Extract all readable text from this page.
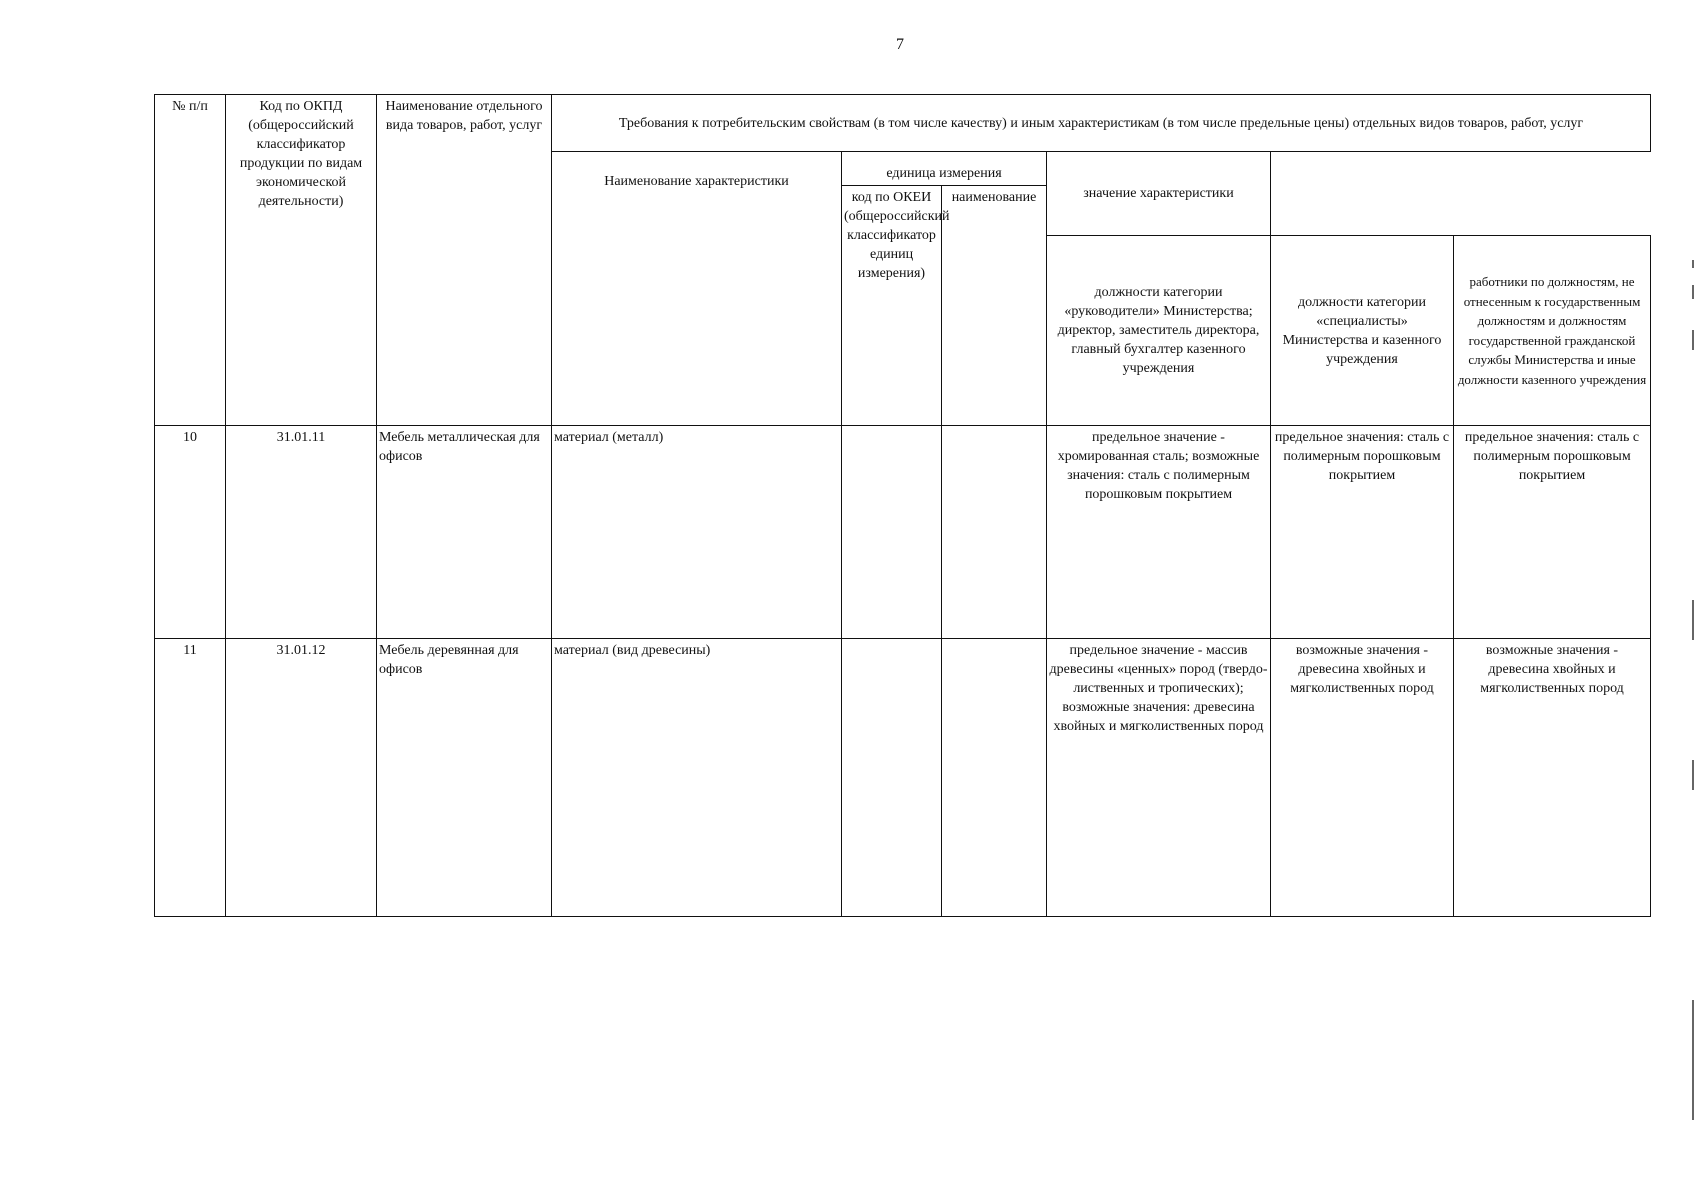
7
№ п/п	Код по ОКПД (общероссийский классификатор продукции по видам экономической деятельности)	Наименование отдельного вида товаров, работ, услуг	Требования к потребительским свойствам (в том числе качеству) и иным характеристикам (в том числе предельные цены) отдельных видов товаров, работ, услуг					
			Наименование характеристики	единица измерения		значение характеристики		
				код по ОКЕИ (общероссийский классификатор единиц измерения)	наименование			
						должности категории «руководители» Министерства; директор, заместитель директора, главный бухгалтер казенного учреждения	должности категории «специалисты» Министерства и казенного учреждения	работники по должностям, не отнесенным к государственным должностям и должностям государственной гражданской службы Министерства и иные должности казенного учреждения
10	31.01.11	Мебель металлическая для офисов	материал (металл)			предельное значение - хромированная сталь; возможные значения: сталь с полимерным порошковым покрытием	предельное значения: сталь с полимерным порошковым покрытием	предельное значения: сталь с полимерным порошковым покрытием
11	31.01.12	Мебель деревянная для офисов	материал (вид древесины)			предельное значение - массив древесины «ценных» пород (твердо-лиственных и тропических); возможные значения: древесина хвойных и мягколиственных пород	возможные значения - древесина хвойных и мягколиственных пород	возможные значения - древесина хвойных и мягколиственных пород
